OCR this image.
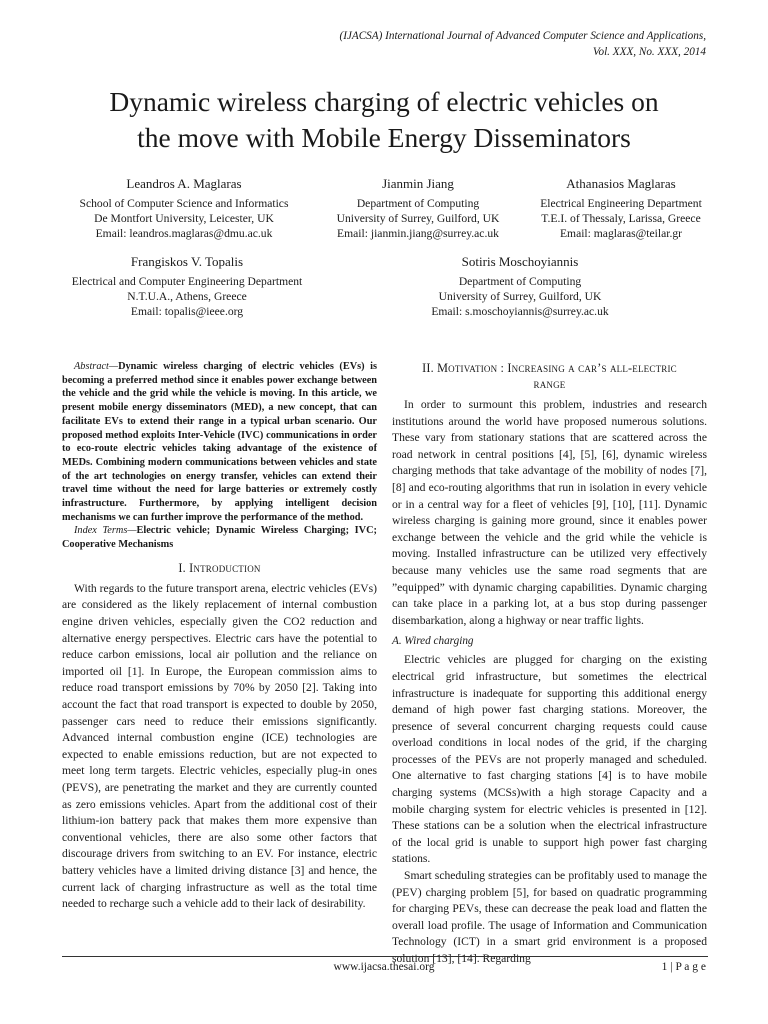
(IJACSA) International Journal of Advanced Computer Science and Applications,
Vol. XXX, No. XXX, 2014
Dynamic wireless charging of electric vehicles on
the move with Mobile Energy Disseminators
Leandros A. Maglaras
School of Computer Science and Informatics
De Montfort University, Leicester, UK
Email: leandros.maglaras@dmu.ac.uk
Jianmin Jiang
Department of Computing
University of Surrey, Guilford, UK
Email: jianmin.jiang@surrey.ac.uk
Athanasios Maglaras
Electrical Engineering Department
T.E.I. of Thessaly, Larissa, Greece
Email: maglaras@teilar.gr
Frangiskos V. Topalis
Electrical and Computer Engineering Department
N.T.U.A., Athens, Greece
Email: topalis@ieee.org
Sotiris Moschoyiannis
Department of Computing
University of Surrey, Guilford, UK
Email: s.moschoyiannis@surrey.ac.uk

Abstract—Dynamic wireless charging of electric vehicles (EVs) is becoming a preferred method since it enables power exchange between the vehicle and the grid while the vehicle is moving. In this article, we present mobile energy disseminators (MED), a new concept, that can facilitate EVs to extend their range in a typical urban scenario. Our proposed method exploits Inter-Vehicle (IVC) communications in order to eco-route electric vehicles taking advantage of the existence of MEDs. Combining modern communications between vehicles and state of the art technologies on energy transfer, vehicles can extend their travel time without the need for large batteries or extremely costly infrastructure. Furthermore, by applying intelligent decision mechanisms we can further improve the performance of the method.

Index Terms—Electric vehicle; Dynamic Wireless Charging; IVC; Cooperative Mechanisms

I. Introduction

With regards to the future transport arena, electric vehicles (EVs) are considered as the likely replacement of internal combustion engine driven vehicles, especially given the CO2 reduction and alternative energy perspectives. Electric cars have the potential to reduce carbon emissions, local air pollution and the reliance on imported oil [1]. In Europe, the European commission aims to reduce road transport emissions by 70% by 2050 [2]. Taking into account the fact that road transport is expected to double by 2050, passenger cars need to reduce their emissions significantly. Advanced internal combustion engine (ICE) technologies are expected to enable emissions reduction, but are not expected to meet long term targets. Electric vehicles, especially plug-in ones (PEVS), are penetrating the market and they are currently counted as zero emissions vehicles. Apart from the additional cost of their lithium-ion battery pack that makes them more expensive than conventional vehicles, there are also some other factors that discourage drivers from switching to an EV. For instance, electric battery vehicles have a limited driving distance [3] and hence, the current lack of charging infrastructure as well as the total time needed to recharge such a vehicle add to their lack of desirability.

II. Motivation : Increasing a car’s all-electric
range

In order to surmount this problem, industries and research institutions around the world have proposed numerous solutions. These vary from stationary stations that are scattered across the road network in central positions [4], [5], [6], dynamic wireless charging methods that take advantage of the mobility of nodes [7], [8] and eco-routing algorithms that run in isolation in every vehicle or in a central way for a fleet of vehicles [9], [10], [11]. Dynamic wireless charging is gaining more ground, since it enables power exchange between the vehicle and the grid while the vehicle is moving. Installed infrastructure can be utilized very effectively because many vehicles use the same road segments that are ”equipped” with dynamic charging capabilities. Dynamic charging can take place in a parking lot, at a bus stop during passenger disembarkation, along a highway or near traffic lights.

A. Wired charging

Electric vehicles are plugged for charging on the existing electrical grid infrastructure, but sometimes the electrical infrastructure is inadequate for supporting this additional energy demand of high power fast charging stations. Moreover, the presence of several concurrent charging requests could cause overload conditions in local nodes of the grid, if the charging processes of the PEVs are not properly managed and scheduled. One alternative to fast charging stations [4] is to have mobile charging systems (MCSs)with a high storage Capacity and a mobile charging system for electric vehicles is presented in [12]. These stations can be a solution when the electrical infrastructure of the local grid is unable to support high power fast charging stations.

Smart scheduling strategies can be profitably used to manage the (PEV) charging problem [5], for based on quadratic programming for charging PEVs, these can decrease the peak load and flatten the overall load profile. The usage of Information and Communication Technology (ICT) in a smart grid environment is a proposed solution [13], [14]. Regarding

www.ijacsa.thesai.org	1 | P a g e
